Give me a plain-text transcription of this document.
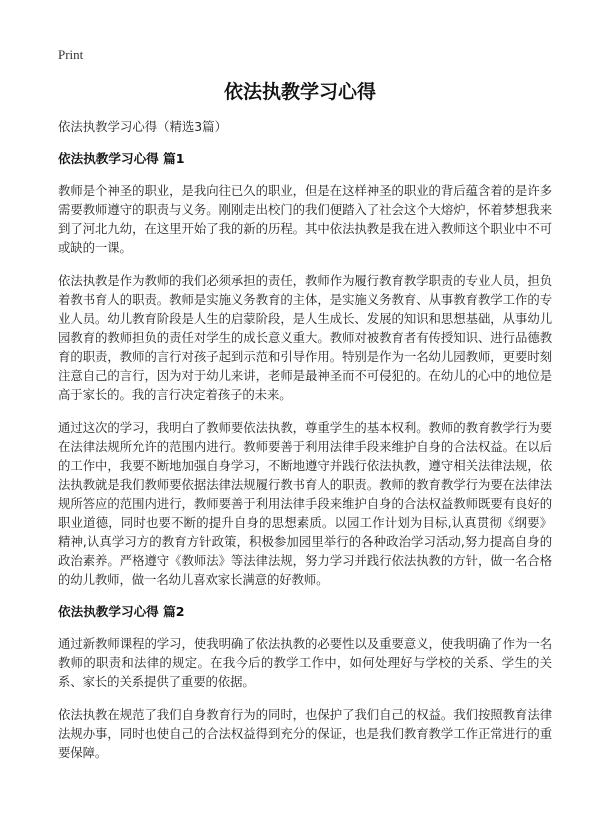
Print
依法执教学习心得

依法执教学习心得（精选3篇）

依法执教学习心得 篇1

教师是个神圣的职业，是我向往已久的职业，但是在这样神圣的职业的背后蕴含着的是许多需要教师遵守的职责与义务。刚刚走出校门的我们便踏入了社会这个大熔炉，怀着梦想我来到了河北九幼，在这里开始了我的新的历程。其中依法执教是我在进入教师这个职业中不可或缺的一课。

依法执教是作为教师的我们必须承担的责任，教师作为履行教育教学职责的专业人员，担负着教书育人的职责。教师是实施义务教育的主体，是实施义务教育、从事教育教学工作的专业人员。幼儿教育阶段是人生的启蒙阶段，是人生成长、发展的知识和思想基础，从事幼儿园教育的教师担负的责任对学生的成长意义重大。教师对被教育者有传授知识、进行品德教育的职责，教师的言行对孩子起到示范和引导作用。特别是作为一名幼儿园教师，更要时刻注意自己的言行，因为对于幼儿来讲，老师是最神圣而不可侵犯的。在幼儿的心中的地位是高于家长的。我的言行决定着孩子的未来。

通过这次的学习，我明白了教师要依法执教，尊重学生的基本权利。教师的教育教学行为要在法律法规所允许的范围内进行。教师要善于利用法律手段来维护自身的合法权益。在以后的工作中，我要不断地加强自身学习，不断地遵守并践行依法执教，遵守相关法律法规，依法执教就是我们教师要依据法律法规履行教书育人的职责。教师的教育教学行为要在法律法规所答应的范围内进行，教师要善于利用法律手段来维护自身的合法权益教师既要有良好的职业道德，同时也要不断的提升自身的思想素质。以园工作计划为目标,认真贯彻《纲要》精神,认真学习方的教育方针政策，积极参加园里举行的各种政治学习活动,努力提高自身的政治素养。严格遵守《教师法》等法律法规，努力学习并践行依法执教的方针，做一名合格的幼儿教师，做一名幼儿喜欢家长满意的好教师。

依法执教学习心得 篇2

通过新教师课程的学习，使我明确了依法执教的必要性以及重要意义，使我明确了作为一名教师的职责和法律的规定。在我今后的教学工作中，如何处理好与学校的关系、学生的关系、家长的关系提供了重要的依据。

依法执教在规范了我们自身教育行为的同时，也保护了我们自己的权益。我们按照教育法律法规办事，同时也使自己的合法权益得到充分的保证，也是我们教育教学工作正常进行的重要保障。
